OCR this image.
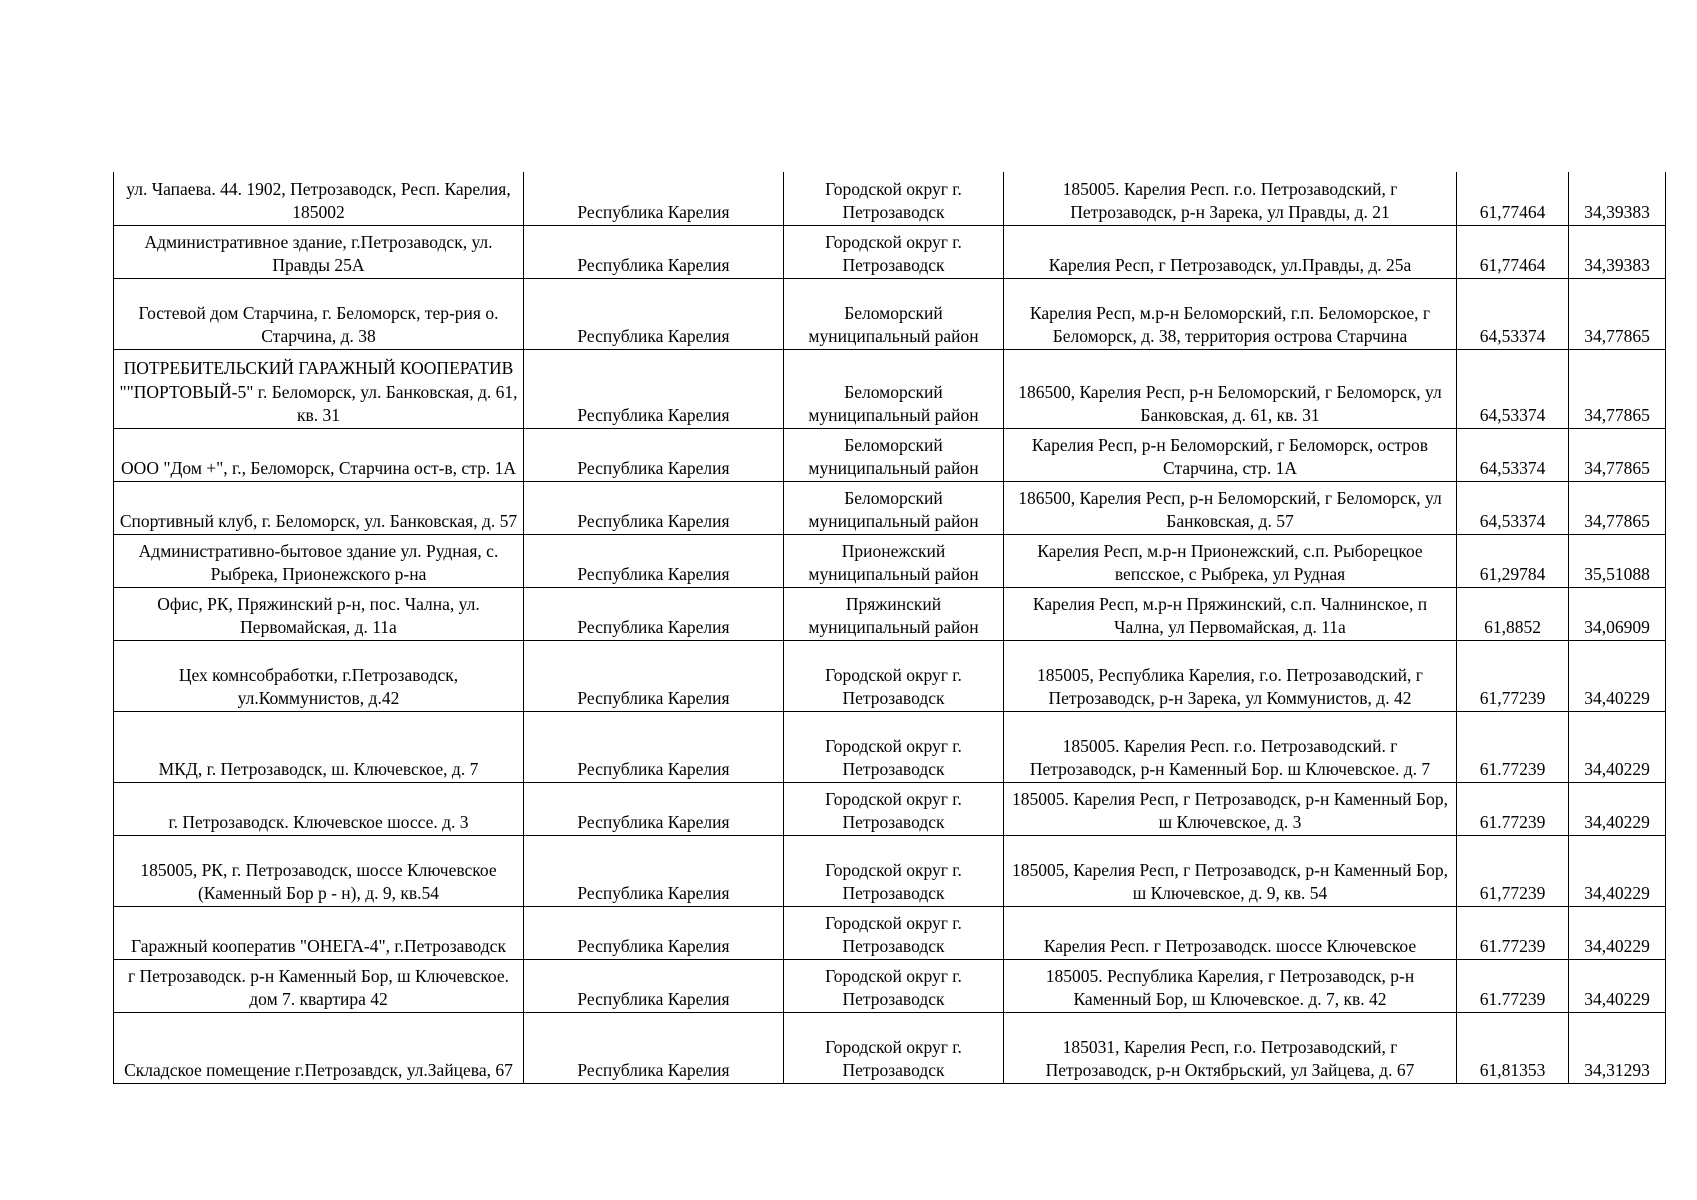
ул. Чапаева. 44. 1902, Петрозаводск, Респ. Карелия, 185002	Республика Карелия	Городской округ г. Петрозаводск	185005. Карелия Респ. г.о. Петрозаводский, г Петрозаводск, р-н Зарека, ул Правды, д. 21	61,77464	34,39383
Административное здание, г.Петрозаводск, ул. Правды 25А	Республика Карелия	Городской округ г. Петрозаводск	Карелия Респ, г Петрозаводск, ул.Правды, д. 25а	61,77464	34,39383
Гостевой дом Старчина, г. Беломорск, тер-рия о. Старчина, д. 38	Республика Карелия	Беломорский муниципальный район	Карелия Респ, м.р-н Беломорский, г.п. Беломорское, г Беломорск, д. 38, территория острова Старчина	64,53374	34,77865
ПОТРЕБИТЕЛЬСКИЙ ГАРАЖНЫЙ КООПЕРАТИВ ""ПОРТОВЫЙ-5" г. Беломорск, ул. Банковская, д. 61, кв. 31	Республика Карелия	Беломорский муниципальный район	186500, Карелия Респ, р-н Беломорский, г Беломорск, ул Банковская, д. 61, кв. 31	64,53374	34,77865
ООО "Дом +", г., Беломорск, Старчина ост-в, стр. 1А	Республика Карелия	Беломорский муниципальный район	Карелия Респ, р-н Беломорский, г Беломорск, остров Старчина, стр. 1А	64,53374	34,77865
Спортивный клуб, г. Беломорск, ул. Банковская, д. 57	Республика Карелия	Беломорский муниципальный район	186500, Карелия Респ, р-н Беломорский, г Беломорск, ул Банковская, д. 57	64,53374	34,77865
Административно-бытовое здание ул. Рудная, с. Рыбрека, Прионежского р-на	Республика Карелия	Прионежский муниципальный район	Карелия Респ, м.р-н Прионежский, с.п. Рыборецкое вепсское, с Рыбрека, ул Рудная	61,29784	35,51088
Офис, РК, Пряжинский р-н, пос. Чална, ул. Первомайская, д. 11а	Республика Карелия	Пряжинский муниципальный район	Карелия Респ, м.р-н Пряжинский, с.п. Чалнинское, п Чална, ул Первомайская, д. 11а	61,8852	34,06909
Цех комнсобработки, г.Петрозаводск, ул.Коммунистов, д.42	Республика Карелия	Городской округ г. Петрозаводск	185005, Республика Карелия, г.о. Петрозаводский, г Петрозаводск, р-н Зарека, ул Коммунистов, д. 42	61,77239	34,40229
МКД, г. Петрозаводск, ш. Ключевское, д. 7	Республика Карелия	Городской округ г. Петрозаводск	185005. Карелия Респ. г.о. Петрозаводский. г Петрозаводск, р-н Каменный Бор. ш Ключевское. д. 7	61.77239	34,40229
г. Петрозаводск. Ключевское шоссе. д. 3	Республика Карелия	Городской округ г. Петрозаводск	185005. Карелия Респ, г Петрозаводск, р-н Каменный Бор, ш Ключевское, д. 3	61.77239	34,40229
185005, РК, г. Петрозаводск, шоссе Ключевское (Каменный Бор р - н), д. 9, кв.54	Республика Карелия	Городской округ г. Петрозаводск	185005, Карелия Респ, г Петрозаводск, р-н Каменный Бор, ш Ключевское, д. 9, кв. 54	61,77239	34,40229
Гаражный кооператив "ОНЕГА-4", г.Петрозаводск	Республика Карелия	Городской округ г. Петрозаводск	Карелия Респ. г Петрозаводск. шоссе Ключевское	61.77239	34,40229
г Петрозаводск. р-н Каменный Бор, ш Ключевское. дом 7. квартира 42	Республика Карелия	Городской округ г. Петрозаводск	185005. Республика Карелия, г Петрозаводск, р-н Каменный Бор, ш Ключевское. д. 7, кв. 42	61.77239	34,40229
Складское помещение г.Петрозавдск, ул.Зайцева, 67	Республика Карелия	Городской округ г. Петрозаводск	185031, Карелия Респ, г.о. Петрозаводский, г Петрозаводск, р-н Октябрьский, ул Зайцева, д. 67	61,81353	34,31293
